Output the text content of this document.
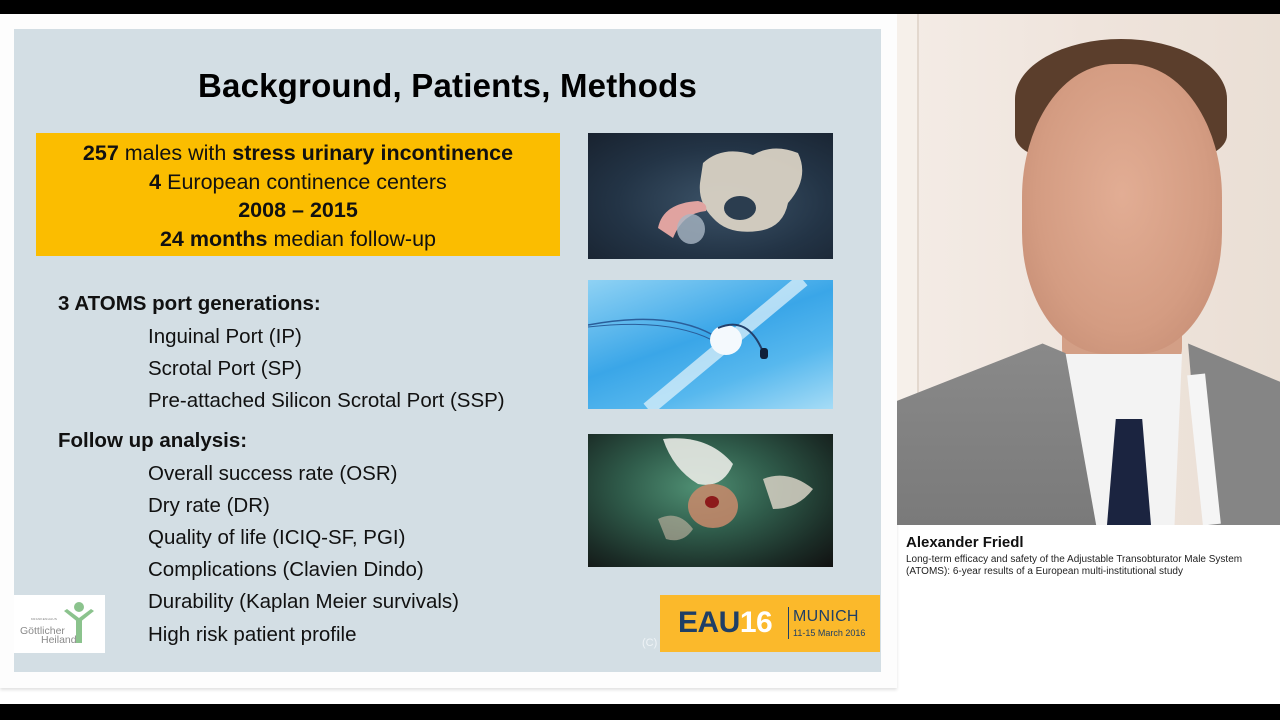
Background, Patients, Methods
257 males with stress urinary incontinence
4 European continence centers
2008 – 2015
24 months median follow-up
3 ATOMS port generations:
Inguinal Port (IP)
Scrotal Port (SP)
Pre-attached Silicon Scrotal Port (SSP)
Follow up analysis:
Overall success rate (OSR)
Dry rate (DR)
Quality of life (ICIQ-SF, PGI)
Complications (Clavien Dindo)
Durability (Kaplan Meier survivals)
High risk patient profile
KRANKENHAUS
Göttlicher
Heiland	(C)
EAU16 MUNICH
11-15 March 2016
Alexander Friedl
Long-term efficacy and safety of the Adjustable Transobturator Male System (ATOMS): 6-year results of a European multi-institutional study
